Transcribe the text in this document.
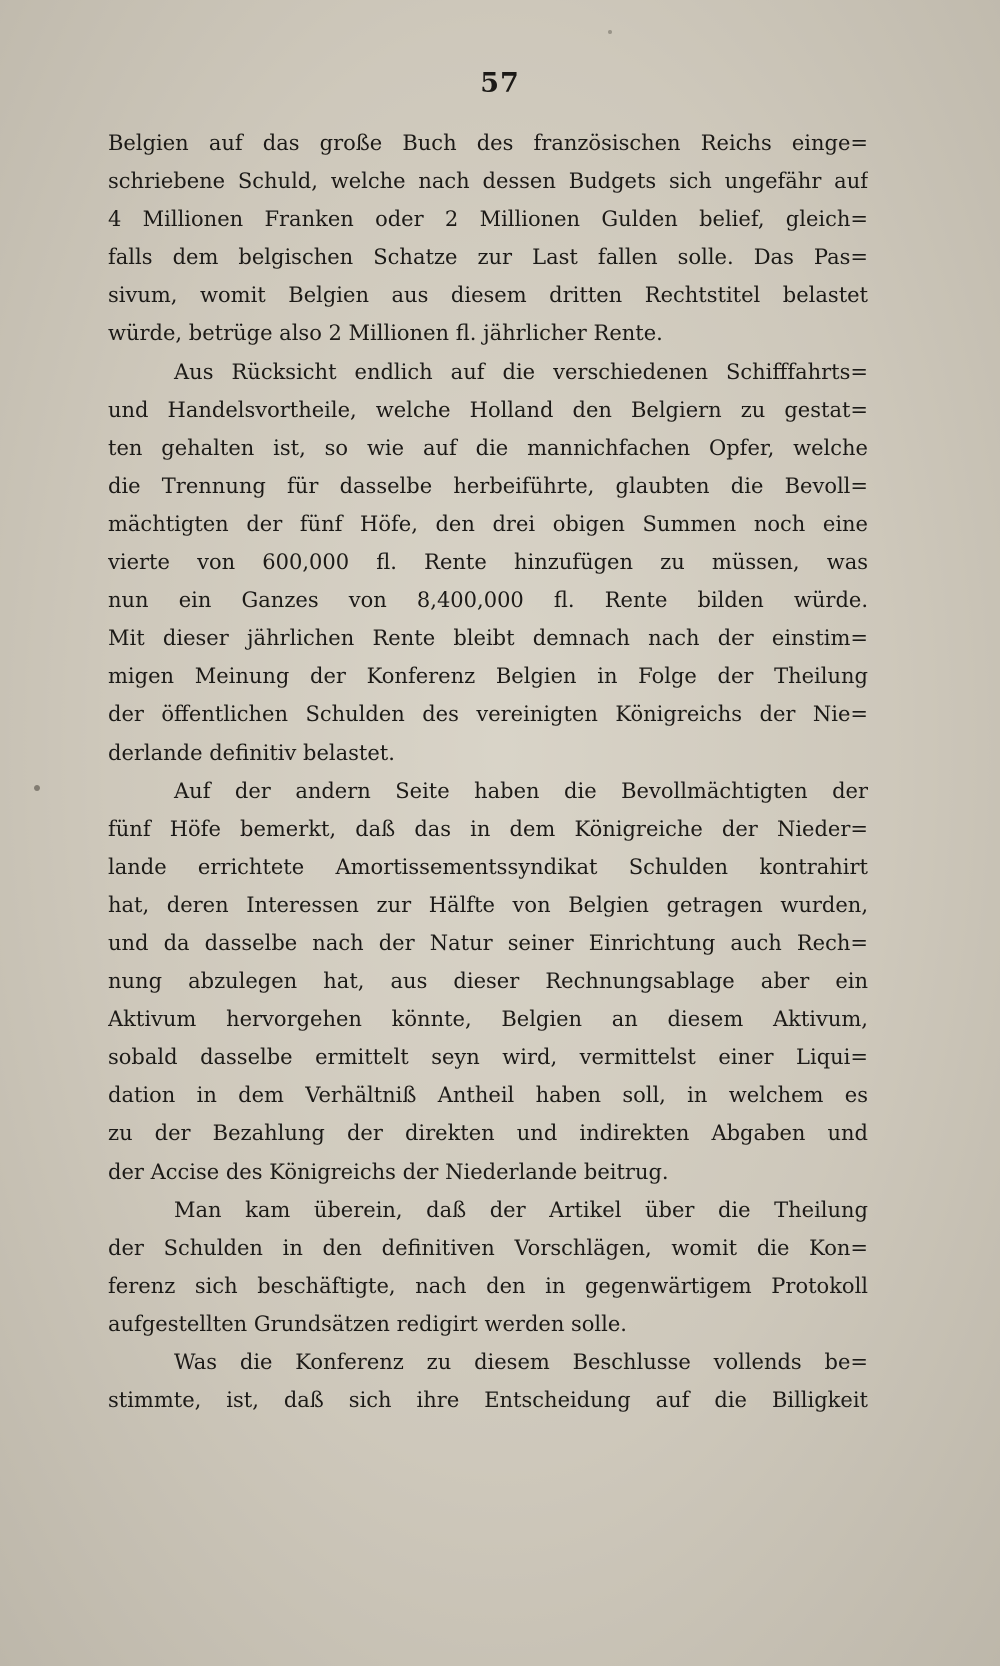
57
Belgien auf das große Buch des französischen Reichs einge=
schriebene Schuld, welche nach dessen Budgets sich ungefähr auf
4 Millionen Franken oder 2 Millionen Gulden belief, gleich=
falls dem belgischen Schatze zur Last fallen solle. Das Pas=
sivum, womit Belgien aus diesem dritten Rechtstitel belastet
würde, betrüge also 2 Millionen fl. jährlicher Rente.
Aus Rücksicht endlich auf die verschiedenen Schifffahrts=
und Handelsvortheile, welche Holland den Belgiern zu gestat=
ten gehalten ist, so wie auf die mannichfachen Opfer, welche
die Trennung für dasselbe herbeiführte, glaubten die Bevoll=
mächtigten der fünf Höfe, den drei obigen Summen noch eine
vierte von 600,000 fl. Rente hinzufügen zu müssen, was
nun ein Ganzes von 8,400,000 fl. Rente bilden würde.
Mit dieser jährlichen Rente bleibt demnach nach der einstim=
migen Meinung der Konferenz Belgien in Folge der Theilung
der öffentlichen Schulden des vereinigten Königreichs der Nie=
derlande definitiv belastet.
Auf der andern Seite haben die Bevollmächtigten der
fünf Höfe bemerkt, daß das in dem Königreiche der Nieder=
lande errichtete Amortissementssyndikat Schulden kontrahirt
hat, deren Interessen zur Hälfte von Belgien getragen wurden,
und da dasselbe nach der Natur seiner Einrichtung auch Rech=
nung abzulegen hat, aus dieser Rechnungsablage aber ein
Aktivum hervorgehen könnte, Belgien an diesem Aktivum,
sobald dasselbe ermittelt seyn wird, vermittelst einer Liqui=
dation in dem Verhältniß Antheil haben soll, in welchem es
zu der Bezahlung der direkten und indirekten Abgaben und
der Accise des Königreichs der Niederlande beitrug.
Man kam überein, daß der Artikel über die Theilung
der Schulden in den definitiven Vorschlägen, womit die Kon=
ferenz sich beschäftigte, nach den in gegenwärtigem Protokoll
aufgestellten Grundsätzen redigirt werden solle.
Was die Konferenz zu diesem Beschlusse vollends be=
stimmte, ist, daß sich ihre Entscheidung auf die Billigkeit
